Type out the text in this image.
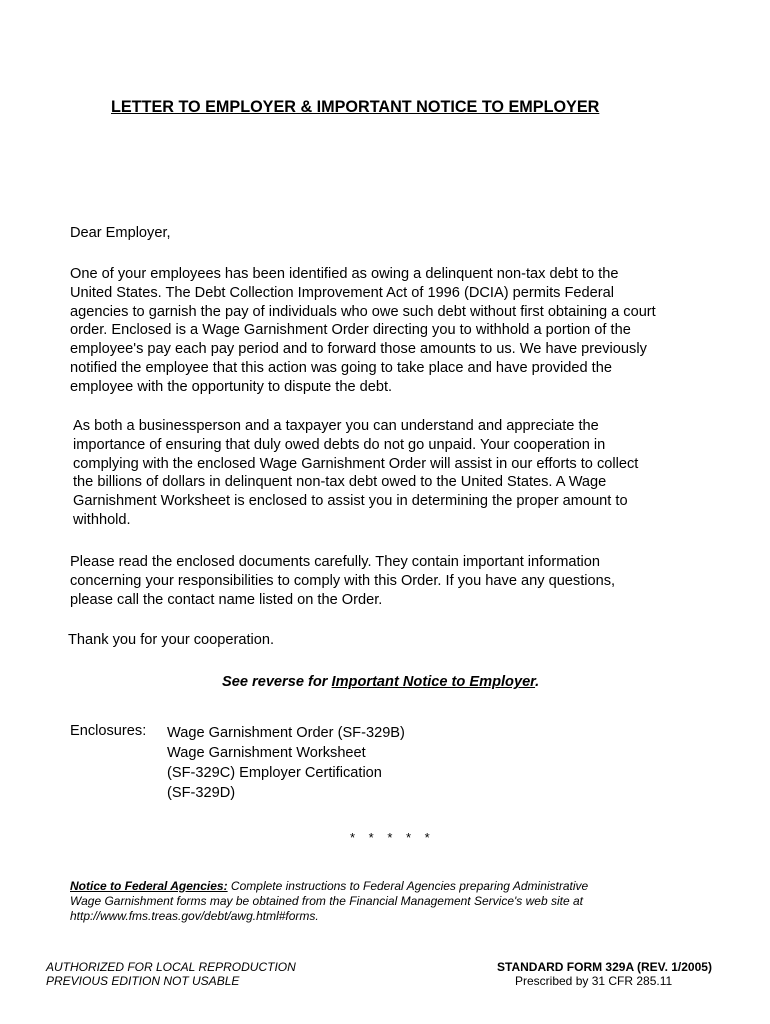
LETTER TO EMPLOYER & IMPORTANT NOTICE TO EMPLOYER

Dear Employer,

One of your employees has been identified as owing a delinquent non-tax debt to the United States. The Debt Collection Improvement Act of 1996 (DCIA) permits Federal agencies to garnish the pay of individuals who owe such debt without first obtaining a court order. Enclosed is a Wage Garnishment Order directing you to withhold a portion of the employee's pay each pay period and to forward those amounts to us. We have previously notified the employee that this action was going to take place and have provided the employee with the opportunity to dispute the debt.

As both a businessperson and a taxpayer you can understand and appreciate the importance of ensuring that duly owed debts do not go unpaid. Your cooperation in complying with the enclosed Wage Garnishment Order will assist in our efforts to collect the billions of dollars in delinquent non-tax debt owed to the United States. A Wage Garnishment Worksheet is enclosed to assist you in determining the proper amount to withhold.

Please read the enclosed documents carefully. They contain important information concerning your responsibilities to comply with this Order. If you have any questions, please call the contact name listed on the Order.

Thank you for your cooperation.

See reverse for Important Notice to Employer.
Enclosures: Wage Garnishment Order (SF-329B)
Wage Garnishment Worksheet
(SF-329C) Employer Certification
(SF-329D)
* * * * *
Notice to Federal Agencies: Complete instructions to Federal Agencies preparing Administrative Wage Garnishment forms may be obtained from the Financial Management Service's web site at http://www.fms.treas.gov/debt/awg.html#forms.
AUTHORIZED FOR LOCAL REPRODUCTION
PREVIOUS EDITION NOT USABLE
STANDARD FORM 329A (REV. 1/2005)
Prescribed by 31 CFR 285.11
